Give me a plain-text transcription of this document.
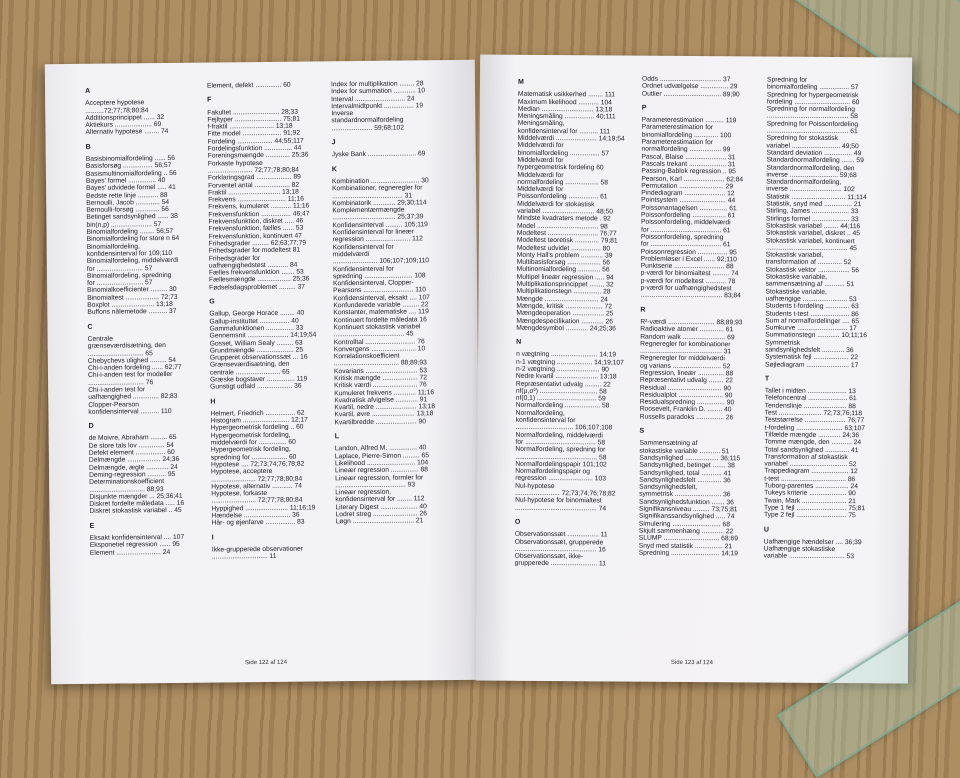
A
Acceptere hypotese
..........72;77;78;80;84
Additionsprincippet ...... 32
Aktiekurs .................... 69
Alternativ hypotese ........ 74
B
Basisbinomialfordeling ...... 56
Basisforsøg ................ 56;57
Basismultinomialfordeling .. 56
Bayes' formel ............... 40
Bayes' udvidede formel ..... 41
Bedste rette linje ........... 88
Bernoulli, Jacob ............. 54
Bernoulli-forsøg ............. 56
Betinget sandsynlighed ...... 38
bin(n,p) ...................... 57
Binomialfordeling ........ 56;57
Binomialfordeling for store n 64
Binomialfordeling,
konfidensinterval for 109;110
Binomialfordeling, middelværdi
for ......................... 57
Binomialfordeling, spredning
for ......................... 57
Binomialkoefficienter ......... 30
Binomialtest .................. 72;73
Boxplot ....................... 13;18
Buffons nålemetode .......... 37
C
Centrale
grænseværdisætning, den
.............................. 65
Chebychevs ulighed ......... 54
Chi-i-anden fordeling ...... 62;77
Chi-i-anden test for modeller
.............................. 76
Chi-i-anden test for
uafhængighed .............. 82;83
Clopper-Pearson
konfidensinterval .......... 110
D
de Moivre, Abraham ......... 65
De store tals lov .............. 54
Defekt element ................ 60
Delmængde .................. 24;36
Delmængde, ægte ............ 24
Deming-regression .......... 95
Determinationskoefficient
.............................. 88;93
Disjunkte mængder ... 25;36;41
Diskret fordelte måledata ..... 16
Diskret stokastisk variabel .. 45
E
Eksakt konfidensinterval .... 107
Eksponetiel regression ...... 95
Element ........................ 24
Element, defekt .............. 60
F
Fakultet ......................... 28;33
Fejltyper ......................... 75;81
f-fraktil ........................ 13;18
Fitte model ..................... 91;92
Fordeling ................... 44;55;117
Fordelingsfunktion ............... 44
Foreningsmængde ............. 25;36
Forkaste hypotese
........................ 72;77;78;80;84
Forklaringsgrad ................... 89
Forventet antal ................... 82
Fraktil ............................ 13;18
Frekvens .......................... 11;16
Frekvens, kumuleret ........... 11;16
Frekvensfunktion ................ 46;47
Frekvensfunktion, diskret ..... 46
Frekvensfunktion, fælles ...... 53
Frekvensfunktion, kontinuert 47
Frihedsgrader ......... 62;63;77;79
Frihedsgrader for modeltest 81
Frihedsgrader for
uafhængighedstest ........... 84
Fælles frekvensfunktion ....... 53
Fællesmængde .................. 25;36
Fødselsdagsproblemet ......... 37
G
Gallup, George Horace ........ 40
Gallup-instituttet ................ 40
Gammafunktionen ............... 33
Gennemsnit ...................... 14;19;54
Gosset, William Sealy ......... 63
Grundmængde .................... 25
Grupperet observationssæt ... 16
Grænseværdisætning, den
centrale ........................ 65
Græske bogstaver ............... 119
Gunstigt udfald ................... 36
H
Helmert, Friedrich ................ 62
Histogram ......................... 12;17
Hypergeometrisk fordeling .. 60
Hypergeometrisk fordeling,
middelværdi for ............... 60
Hypergeometrisk fordeling,
spredning for ................... 60
Hypotese .... 72;73;74;76;78;82
Hypotese, acceptere
........................ 72;77;78;80;84
Hypotese, alternativ ........... 74
Hypotese, forkaste
........................ 72;77;78;80;84
Hyppighed ....................... 11;16;19
Hændelse ......................... 36
Hår- og øjenfarve ................ 83
I
Ikke-grupperede observationer
.............................. 11
Index for multiplikation ........ 28
Index for summation ............ 10
Interval ........................... 24
Intervalmidtpunkt ................ 19
Inverse
standardnormalfordeling
...................... 59;68;102
J
Jyske Bank .......................... 69
K
Kombination .......................... 30
Kombinationer, regneregler for
...................................... 31
Kombinatorik ............ 29;30;114
Komplementærmængde
.................................. 25;37;39
Konfidensinterval ......... 105;119
Konfidensinterval for lineær
regression ........................ 112
Konfidensinterval for
middelværdi
........................ 106;107;109;110
Konfidensinterval for
spredning .......................... 108
Konfidensinterval, Clopper-
Pearsons ........................... 110
Konfidensinterval, eksakt .... 107
Konfunderede variable ......... 22
Konstanter, matematiske .... 119
Kontinuert fordelte måledata 16
Kontinuert stokastisk variabel
...................................... 45
Kontrolltal ........................... 76
Konvergens ........................ 10
Korrelationskoefficient
................................... 88;89;93
Kovarians ............................ 53
Kritisk mængde ................... 72
Kritisk værdi ........................ 76
Kumuleret frekvens ............ 11;16
Kvadratisk afvigelse ............ 91
Kvartil, nedre ...................... 13;18
Kvartil, øvre ....................... 13;18
Kvartilbredde ...................... 90
L
Landon, Alfred M. ............... 40
Laplace, Pierre-Simon ......... 65
Likelihood .......................... 104
Lineær regression ............... 88
Lineær regression, formler for
...................................... 93
Lineær regression,
konfidensinterval for ........ 112
Literary Digest .................... 40
Lodret streg ........................ 26
Løgn ................................. 21
Side 122 af 124
M
Matematisk usikkerhed ........ 111
Maximum likelihood ........... 104
Median ............................ 13;18
Meningsmåling ................ 40;111
Meningsmåling,
konfidensinterval for .......... 111
Middelværdi ...................... 14;19;54
Middelværdi for
binomialfordeling ................ 57
Middelværdi for
hypergeometrisk fordeling 60
Middelværdi for
normalfordeling .................. 58
Middelværdi for
Poissonfordeling ................ 61
Middelværdi for stokastisk
variabel ............................ 48;50
Mindste kvadraters metode . 92
Model ................................. 98
Modeltest ........................... 76;77
Modeltest teoretisk ............. 79;81
Modeltest udvidet ................ 80
Monty Hall's problem ............ 39
Multibasisforsøg .................. 56
Multinomialfordeling ............ 56
Multipel lineær regression ..... 94
Multiplikationsprincippet ........ 32
Multiplikationstegn ............... 28
Mængde ............................. 24
Mængde, kritisk .................... 72
Mængdeoperation ................. 25
Mængdespecifikation ............ 26
Mængdesymbol ............ 24;25;36
N
n vægtning ......................... 14;19
n-1 vægtning ................... 14;19;107
n-2 vægtning ....................... 90
Nedre kvartil ....................... 13;18
Repræsentativt udvalg ......... 22
nf(μ,σ²) ............................... 58
nf(0,1) ................................ 59
Normalfordeling ................... 58
Normalfordeling,
konfidensinterval for
............................... 106;107;108
Normalfordeling, middelværdi
for ...................................... 58
Normalfordeling, spredning for
............................................ 58
Normalfordelingspapir 101;102
Normalfordelingspapir og
regression ........................ 103
Nul-hypotese
........................ 72;73;74;76;78;82
Nul-hypotese for binomialtest
............................................ 74
O
Observationssæt ................. 11
Observationssæt, grupperede
............................................ 16
Observationssæt, ikke-
grupperede ......................... 11
Odds ................................. 37
Ordnet udvælgelse ............... 29
Outlier ............................... 89;90
P
Parameterestimation .......... 119
Parameterestimation for
binomialfordeling ............. 100
Parameterestimation for
normalfordeling ................. 99
Pascal, Blaise ...................... 31
Pascals trekant .................... 31
Passing-Bablok regression .. 95
Pearson, Karl ...................... 62;84
Permutation ........................ 29
Pindediagram ...................... 12
Pointsystem ......................... 44
Poissonantagelsen ............... 61
Poissonfordeling .................. 61
Poissonfordeling, middelværdi
for ...................................... 61
Poissonfordeling, spredning
for ...................................... 61
Poissonregression ................ 95
Problemløser i Excel ...... 92;110
Punktserie ........................... 88
p-værdi for binomialtest ......... 74
p-værdi for modeltest ........... 78
p-værdi for uafhængighedstest
............................................ 83;84
R
R²-værdi ......................... 88;89;93
Radioaktive atomer ............. 61
Random walk ....................... 69
Regneregler for kombinationer
............................................ 31
Regneregler for middelværdi
og varians .......................... 52
Regression, lineær .............. 88
Repræsentativt udvalg ........ 22
Residual ............................. 90
Residualplot ........................ 90
Residualspredning ............... 90
Roosevelt, Franklin D. ........ 40
Russells paradoks ............... 26
S
Sammensætning af
stokastiske variable ........... 51
Sandsynlighed .................. 36;115
Sandsynlighed, betinget ....... 38
Sandsynlighed, total ........... 41
Sandsynlighedsfelt ............. 36
Sandsynlighedsfelt,
symmetrisk ......................... 36
Sandsynlighedsfunktion ....... 36
Signifikansniveau ......... 73;75;81
Signifikanssandsynlighed ..... 74
Simulering .......................... 68
Skjult sammenhæng ............ 22
SLUMP .............................. 68;69
Snyd med statistik ............... 21
Spredning .......................... 14;19
Spredning for
binomialfordeling ................ 57
Spredning for hypergeometrisk
fordeling .............................. 60
Spredning for normalfordeling
............................................ 58
Spredning for Poissonfordeling
............................................ 61
Spredning for stokastisk
variabel .......................... 49;50
Standard deviation ............... 49
Standardnormalfordeling ....... 59
Standardnormalfordeling, den
inverse .......................... 59;68
Standardnormalfordeling,
inverse ............................ 102
Statistik ............................. 11;114
Statistik, snyd med ............... 21
Stirling, James .................... 33
Stirlings formel .................... 33
Stokastisk variabel ........ 44;116
Stokastisk variabel, diskret .. 45
Stokastisk variabel, kontinuert
............................................ 45
Stokastisk variabel,
transformation af ............. 52
Stokastisk vektor ................. 56
Stokastiske variable,
sammensætning af ........... 51
Stokastiske variable,
uafhængige ........................ 53
Students t-fordeling ............. 63
Students t-test ..................... 86
Sum af normalfordelinger .... 65
Sumkurve ........................... 17
Summationstegn ............ 10;11;16
Symmetrisk
sandsynlighedsfelt ............ 36
Systematisk fejl ................... 22
Søjlediagram ....................... 17
T
Tallet i midten ..................... 13
Telefoncentral ..................... 61
Tendenslinje ....................... 88
Test ....................... 72;73;76;118
Teststørrelse ...................... 76;77
t-fordeling ......................... 63;107
Tilfælde mængde ............ 24;36
Tomme mængde, den ........... 24
Total sandsynlighed ............. 41
Transformation af stokastisk
variabel ............................... 52
Trappediagram .................... 12
t-test ................................... 86
Tuborg-parentes .................. 24
Tukeys kriterie .................... 90
Twain, Mark ........................ 21
Type 1 fejl ........................... 75;81
Type 2 fejl ........................... 75
U
Uafhængige hændelser .... 36;39
Uafhængige stokastiske
variable .............................. 53
Side 123 af 124
